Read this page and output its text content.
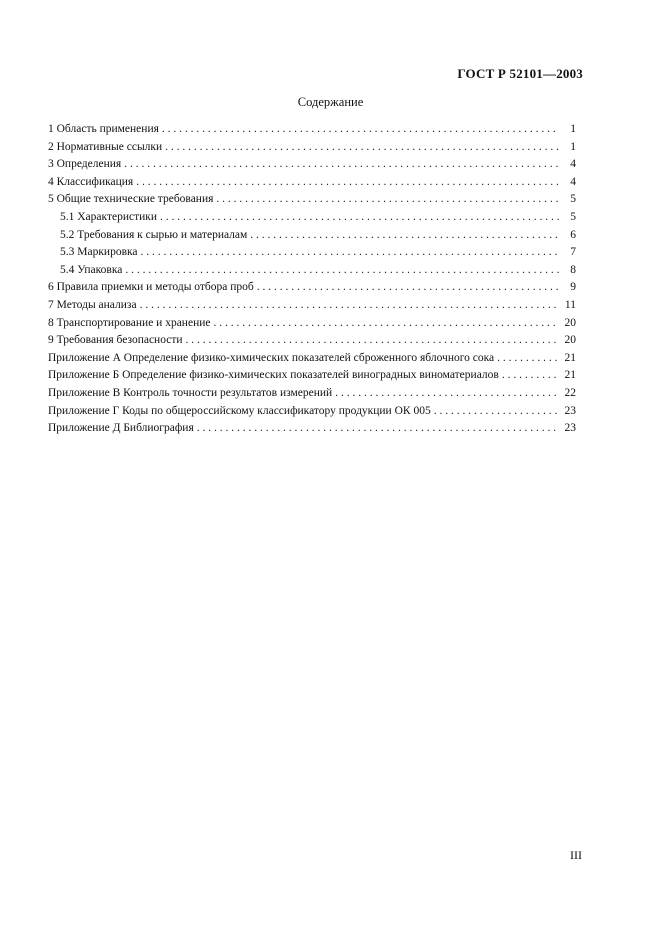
ГОСТ Р 52101—2003
Содержание
1 Область применения . . .	1
2 Нормативные ссылки . . .	1
3 Определения . . .	4
4 Классификация . . .	4
5 Общие технические требования . . .	5
5.1 Характеристики . . .	5
5.2 Требования к сырью и материалам . . .	6
5.3 Маркировка . . .	7
5.4 Упаковка . . .	8
6 Правила приемки и методы отбора проб . . .	9
7 Методы анализа . . .	11
8 Транспортирование и хранение . . .	20
9 Требования безопасности . . .	20
Приложение А Определение физико-химических показателей сброженного яблочного сока . . .	21
Приложение Б Определение физико-химических показателей виноградных виноматериалов . . .	21
Приложение В Контроль точности результатов измерений . . .	22
Приложение Г Коды по общероссийскому классификатору продукции ОК 005 . . .	23
Приложение Д Библиография . . .	23
III
